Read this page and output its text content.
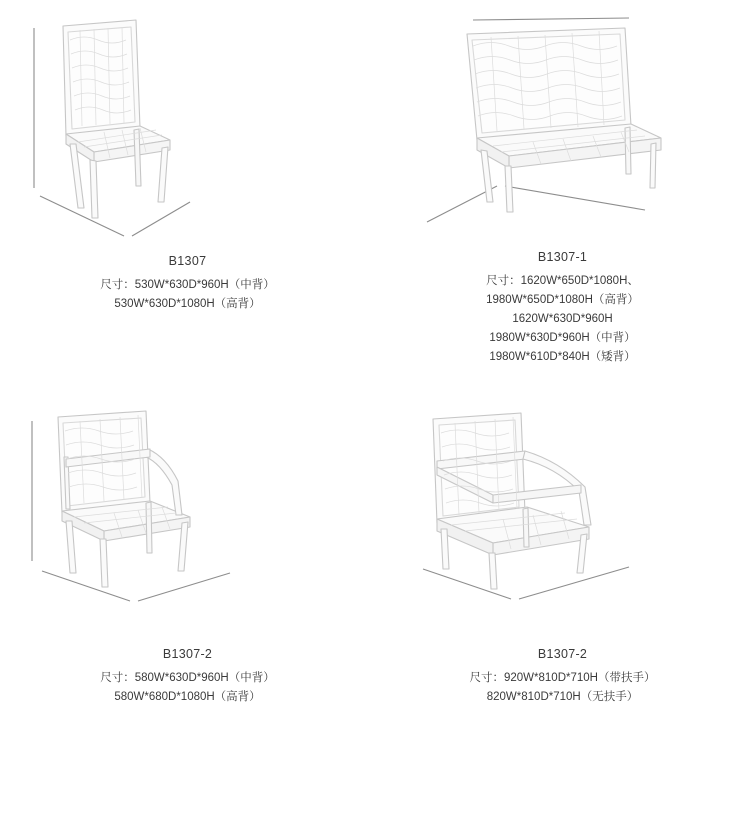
B1307
尺寸：530W*630D*960H（中背）
530W*630D*1080H（高背）
B1307-1
尺寸：1620W*650D*1080H、
1980W*650D*1080H（高背）
1620W*630D*960H
1980W*630D*960H（中背）
1980W*610D*840H（矮背）
B1307-2
尺寸：580W*630D*960H（中背）
580W*680D*1080H（高背）
B1307-2
尺寸：920W*810D*710H（带扶手）
820W*810D*710H（无扶手）
